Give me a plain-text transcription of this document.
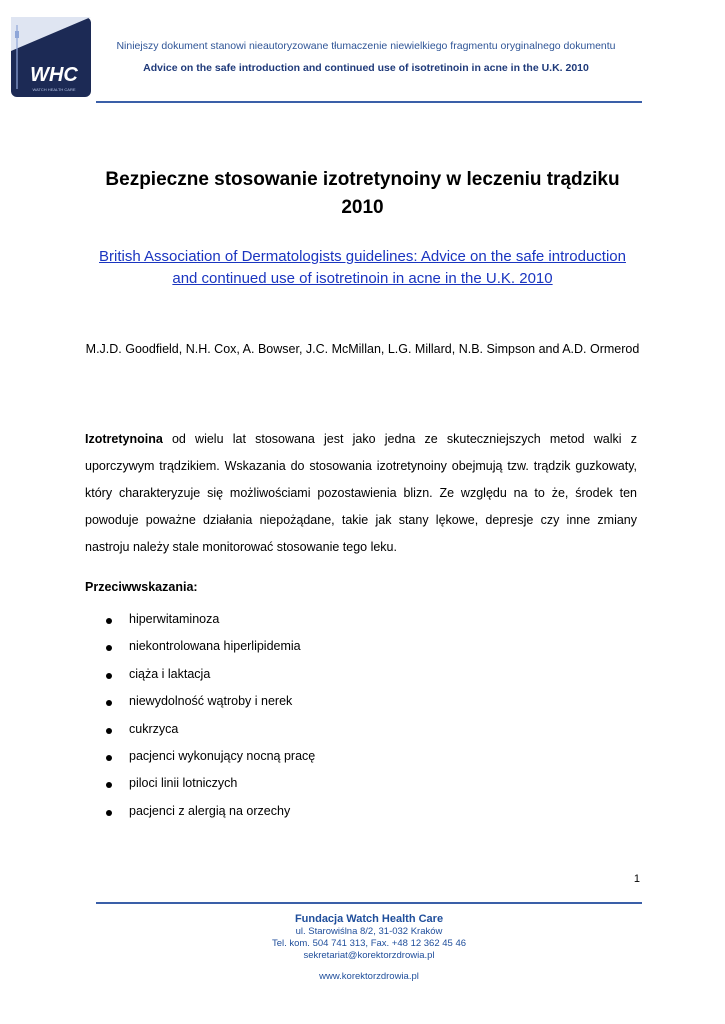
WHC
WATCH HEALTH CARE
Niniejszy dokument stanowi nieautoryzowane tłumaczenie niewielkiego fragmentu oryginalnego dokumentu
Advice on the safe introduction and continued use of isotretinoin in acne in the U.K. 2010
Bezpieczne stosowanie izotretynoiny w leczeniu trądziku
2010
British Association of Dermatologists guidelines: Advice on the safe introduction and continued use of isotretinoin in acne in the U.K. 2010
M.J.D. Goodfield, N.H. Cox, A. Bowser, J.C. McMillan, L.G. Millard, N.B. Simpson and A.D. Ormerod
Izotretynoina od wielu lat stosowana jest jako jedna ze skuteczniejszych metod walki z uporczywym trądzikiem. Wskazania do stosowania izotretynoiny obejmują tzw. trądzik guzkowaty, który charakteryzuje się możliwościami pozostawienia blizn. Ze względu na to że, środek ten powoduje poważne działania niepożądane, takie jak stany lękowe, depresje czy inne zmiany nastroju należy stale monitorować stosowanie tego leku.
Przeciwwskazania:
hiperwitaminoza
niekontrolowana hiperlipidemia
ciąża i laktacja
niewydolność wątroby i nerek
cukrzyca
pacjenci wykonujący nocną pracę
piloci linii lotniczych
pacjenci z alergią na orzechy
1
Fundacja Watch Health Care
ul. Starowiślna 8/2, 31-032 Kraków
Tel. kom. 504 741 313, Fax. +48 12 362 45 46
sekretariat@korektorzdrowia.pl
www.korektorzdrowia.pl
